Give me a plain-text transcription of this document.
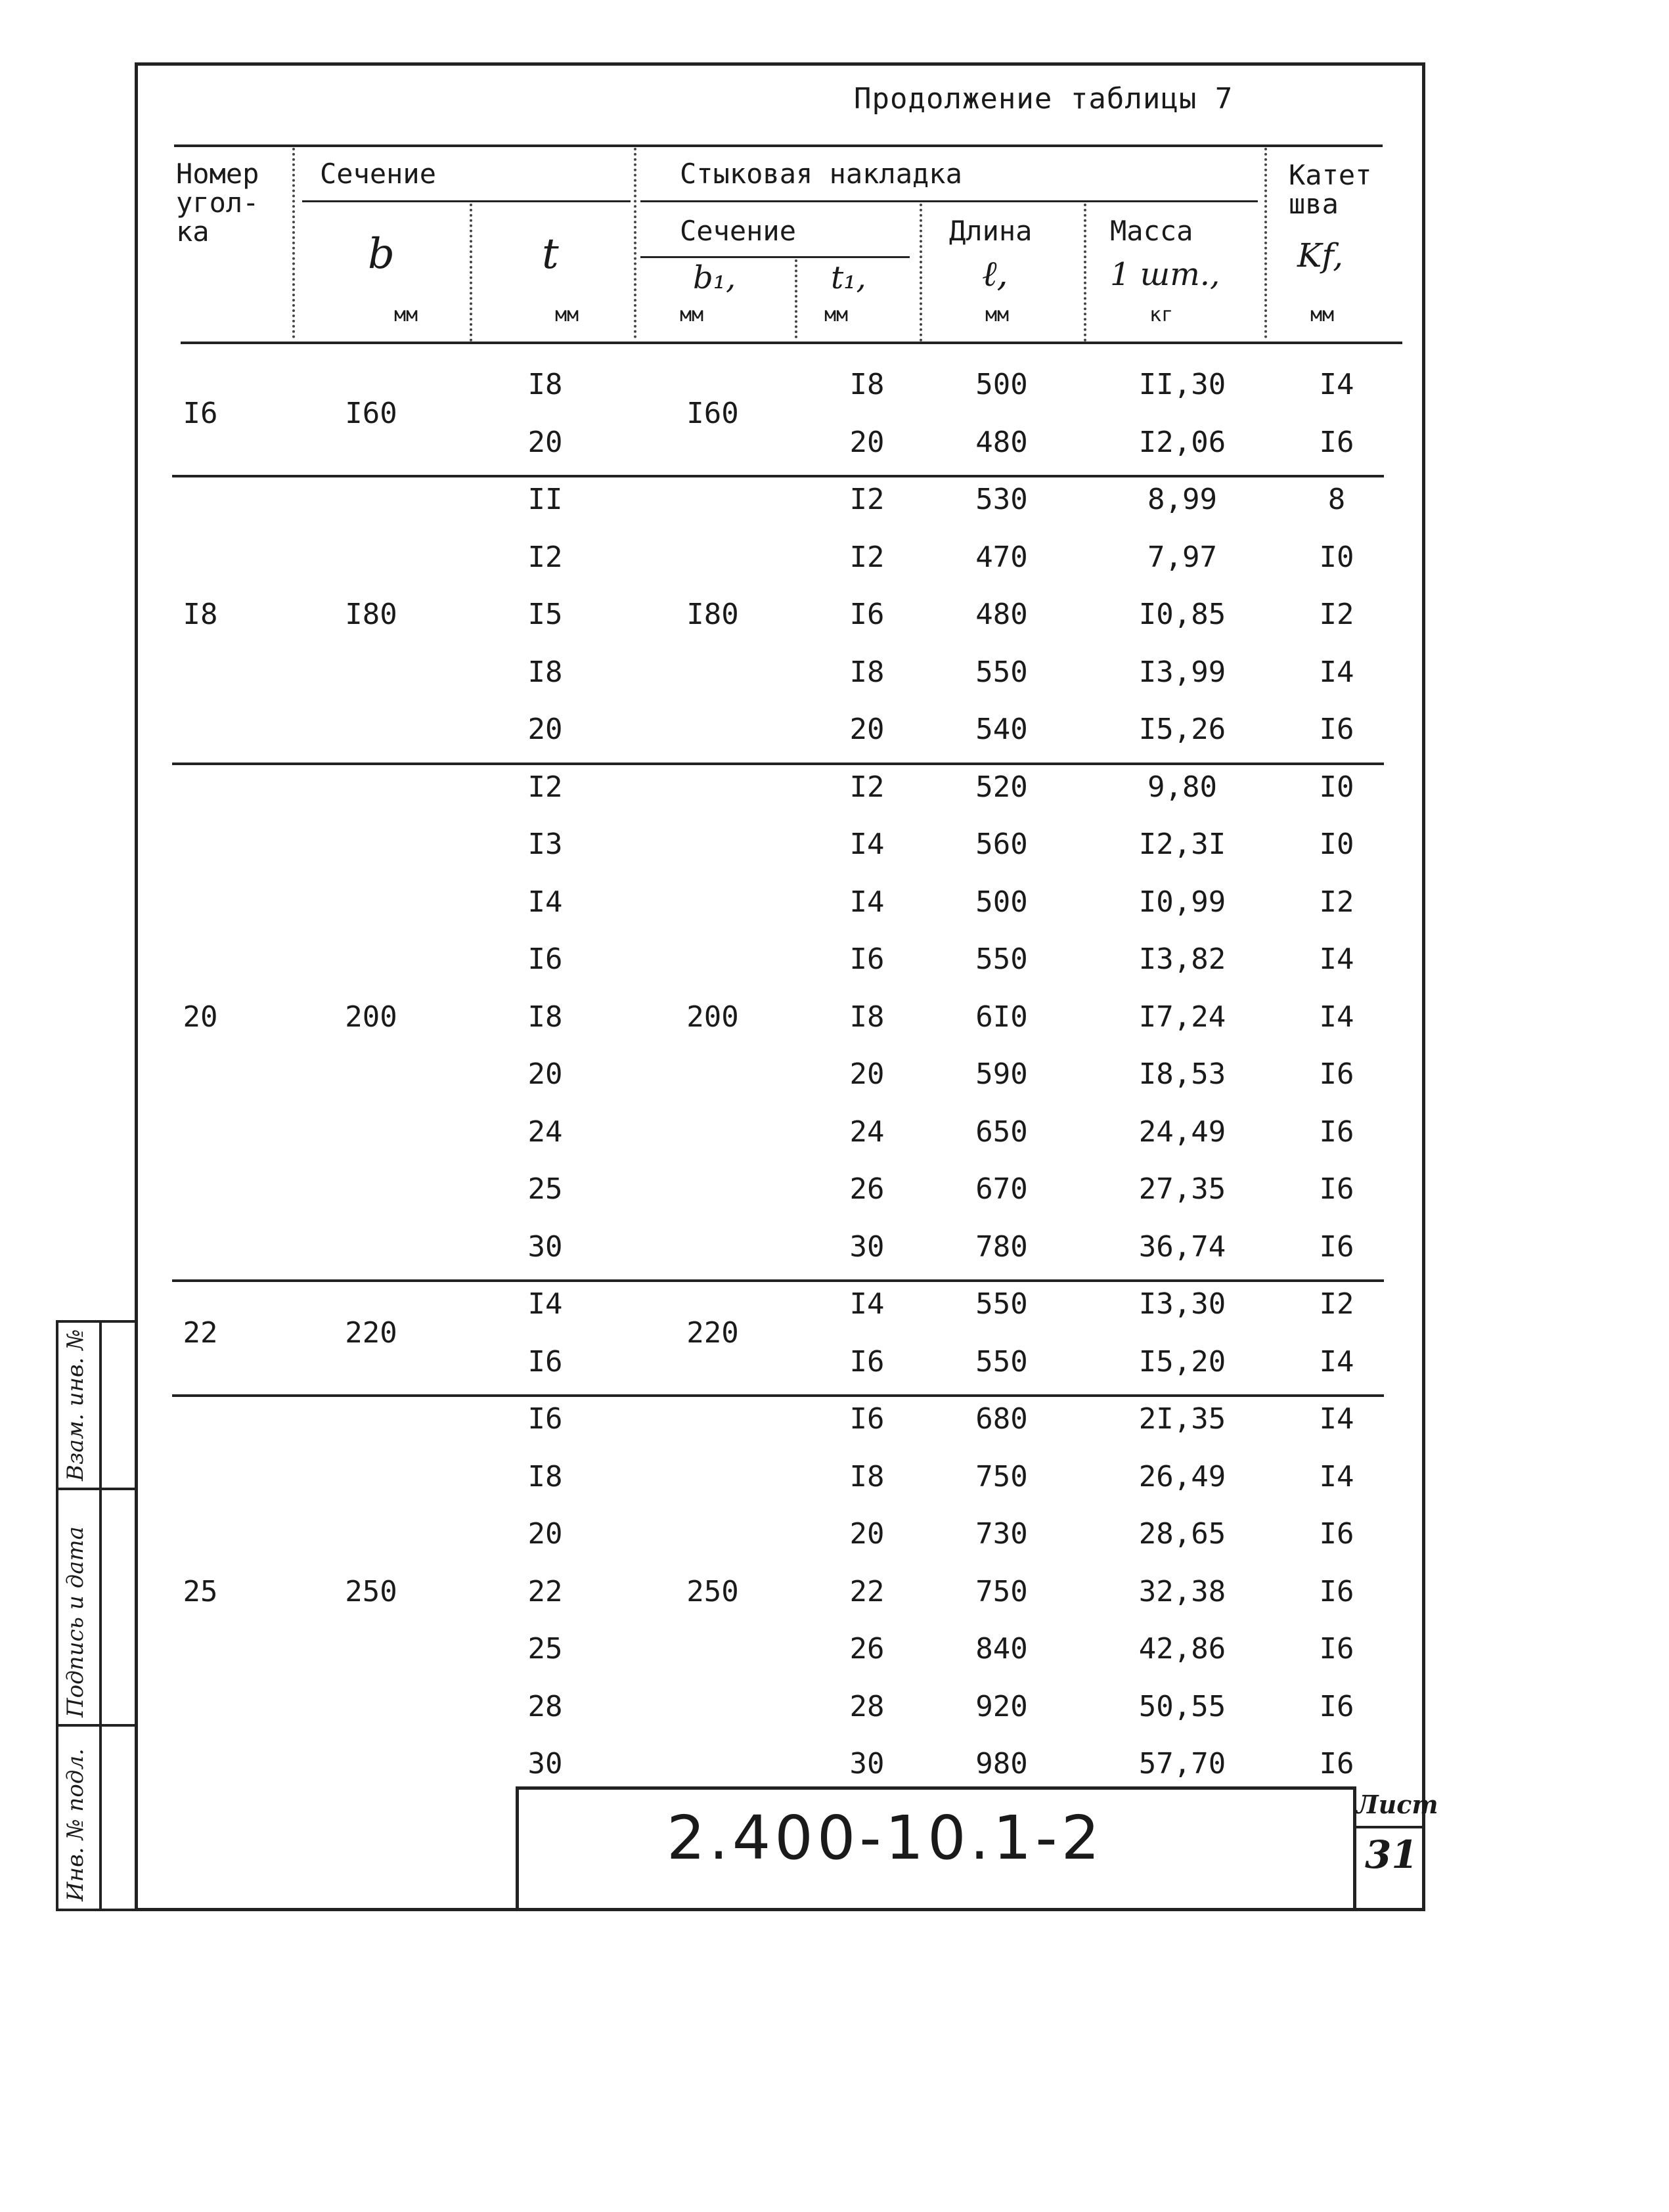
Продолжение таблицы 7
Номер
угол-
ка
Сечение
b
мм
t
мм
Стыковая накладка
Сечение
b₁,
мм
t₁,
мм
Длина
ℓ,
мм
Масса
1 шт.,
кг
Катет
шва
Kf,
мм
I6	I60	I60
I8	I8	500	II,30	I4
20	20	480	I2,06	I6
I8	I80	I80
II	I2	530	8,99	8
I2	I2	470	7,97	I0
I5	I6	480	I0,85	I2
I8	I8	550	I3,99	I4
20	20	540	I5,26	I6
20	200	200
I2	I2	520	9,80	I0
I3	I4	560	I2,3I	I0
I4	I4	500	I0,99	I2
I6	I6	550	I3,82	I4
I8	I8	6I0	I7,24	I4
20	20	590	I8,53	I6
24	24	650	24,49	I6
25	26	670	27,35	I6
30	30	780	36,74	I6
22	220	220
I4	I4	550	I3,30	I2
I6	I6	550	I5,20	I4
25	250	250
I6	I6	680	2I,35	I4
I8	I8	750	26,49	I4
20	20	730	28,65	I6
22	22	750	32,38	I6
25	26	840	42,86	I6
28	28	920	50,55	I6
30	30	980	57,70	I6
2.400-10.1-2	Лист
31
Взам. инв. №
Подпись и дата
Инв. № подл.
